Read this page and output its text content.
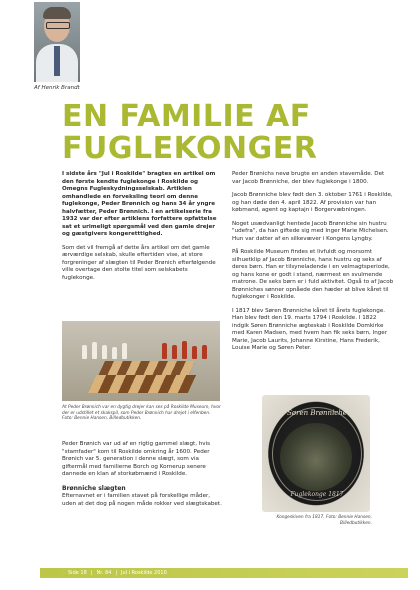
Af Henrik Brandt
EN FAMILIE AF FUGLEKONGER

I sidste års "Jul i Roskilde" bragtes en artikel om den første kendte fuglekonge i Roskilde og Omegns Fugleskydningsselskab. Artiklen omhandlede en forveksling teori om denne fuglekonge, Peder Brønnich og hans 34 år yngre halvfætter, Peder Brønnich. I en artikelserie fra 1932 var der efter artiklens forfattere opfattelse sat et urimeligt spørgsmål ved den gamle drejer og gæstgivers kongeretttighed.

Som det vil fremgå af dette års artikel om det gamle ærværdige selskab, skulle eftertiden vise, at store forgreninger af slægten til Peder Brønich efterfølgende ville overtage den stolte titel som selskabets fuglekonge.

At Peder Brønnich var en dygtig drejer kan ses på Roskilde Museum, hvor der er udstillet et skakspil, som Peder Brønnich har drejet i elfenben. Foto: Bennie Hansen, Billedbutikken.

Peder Brønich var ud af en rigtig gammel slægt, hvis "stamfader" kom til Roskilde omkring år 1600. Peder Brønich var 5. generation i denne slægt, som via giftermål med familierne Borch og Kornerup senere dannede en klan af storkøbmænd i Roskilde.

Brønniche slægten

Efternavnet er i familien stavet på forskellige måder, uden at det dog på nogen måde rokker ved slægtskabet.

Peder Brønichs nevø brugte en anden stavemåde. Det var Jacob Brønniche, der blev fuglekonge i 1800.

Jacob Brønniche blev født den 3. oktober 1761 i Roskilde, og han døde den 4. april 1822. Af provision var han købmand, agent og kaptajn i Borgervæbningen.

Noget usædvanligt hentede Jacob Brønniche sin hustru "udefra", da han giftede sig med Inger Marie Michelsen. Hun var datter af en silkevæver i Kongens Lyngby.

På Roskilde Museum findes et livfuldt og morsomt silhuetklip af Jacob Brønniche, hans hustru og seks af deres børn. Han er tilsyneladende i en velmagtsperiode, og hans kone er godt i stand, nærmest en svulmende matrone. De seks børn er i fuld aktivitet. Også to af Jacob Brønniches sønner opnåede den hæder at blive kåret til fuglekonger i Roskilde.

I 1817 blev Søren Brønniche kåret til årets fuglekonge. Han blev født den 19. marts 1794 i Roskilde. I 1822 indgik Søren Brønniche ægteskab i Roskilde Domkirke med Karen Madsen, med hvem han fik seks børn, Inger Marie, Jacob Laurits, Johanne Kirstine, Hans Frederik, Louise Marie og Søren Peter.

Søren Brønniche
Fuglekonge 1817
Kongeskiven fra 1817. Foto: Bennie Hansen, Billedbutikken.
Side 18 | Nr. 84 | Jul i Roskilde 2010
